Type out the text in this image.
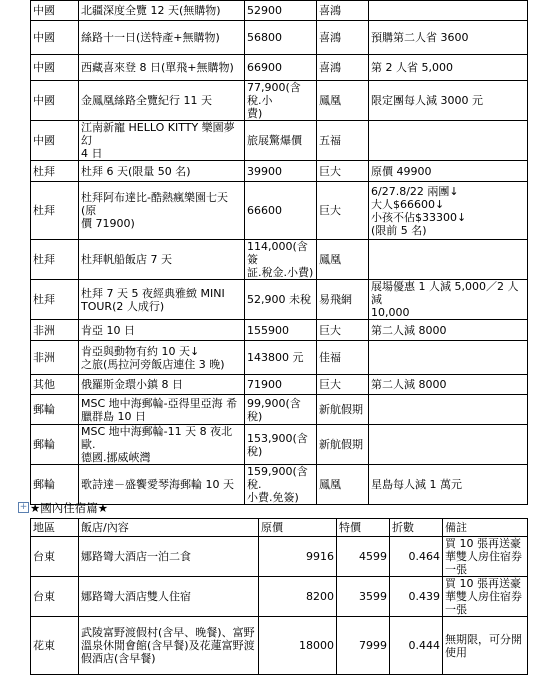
中國	北疆深度全覽 12 天(無購物)	52900	喜鴻	
中國	絲路十一日(送特產+無購物)	56800	喜鴻	預購第二人省 3600
中國	西藏喜來登 8 日(單飛+無購物)	66900	喜鴻	第 2 人省 5,000
中國	金鳳凰絲路全覽紀行 11 天	77,900(含稅.小
費)	鳳凰	限定團每人減 3000 元
中國	江南新寵 HELLO KITTY 樂園夢幻
4 日	旅展驚爆價	五福	
杜拜	杜拜 6 天(限量 50 名)	39900	巨大	原價 49900
杜拜	杜拜阿布達比-酷熱瘋樂園七天(原
價 71900)	66600	巨大	6/27.8/22 兩團↓
大人$66600↓
小孩不佔$33300↓
(限前 5 名)
杜拜	杜拜帆船飯店 7 天	114,000(含簽
証.稅金.小費)	鳳凰	
杜拜	杜拜 7 天 5 夜經典雅緻 MINI
TOUR(2 人成行)	52,900 未稅	易飛網	展場優惠 1 人減 5,000／2 人減
10,000
非洲	肯亞 10 日	155900	巨大	第二人減 8000
非洲	肯亞與動物有約 10 天↓
之旅(馬拉河旁飯店連住 3 晚)	143800 元	佳福	
其他	俄羅斯金環小鎮 8 日	71900	巨大	第二人減 8000
郵輪	MSC 地中海郵輪-亞得里亞海 希
臘群島 10 日	99,900(含稅)	新航假期	
郵輪	MSC 地中海郵輪-11 天 8 夜北歐.
德國.挪威峽灣	153,900(含稅)	新航假期	
郵輪	歌詩達－盛饗愛琴海郵輪 10 天	159,900(含稅.
小費.免簽)	鳳凰	星島每人減 1 萬元
+ ★國內住宿篇★
地區	飯店/內容	原價	特價	折數	備註
台東	娜路彎大酒店一泊二食	9916	4599	0.464	買 10 張再送豪華雙人房住宿券一張
台東	娜路彎大酒店雙人住宿	8200	3599	0.439	買 10 張再送豪華雙人房住宿券一張
花東	武陵富野渡假村(含早、晚餐)、富野溫泉休閒會館(含早餐)及花蓮富野渡假酒店(含早餐)	18000	7999	0.444	無期限，可分開使用
